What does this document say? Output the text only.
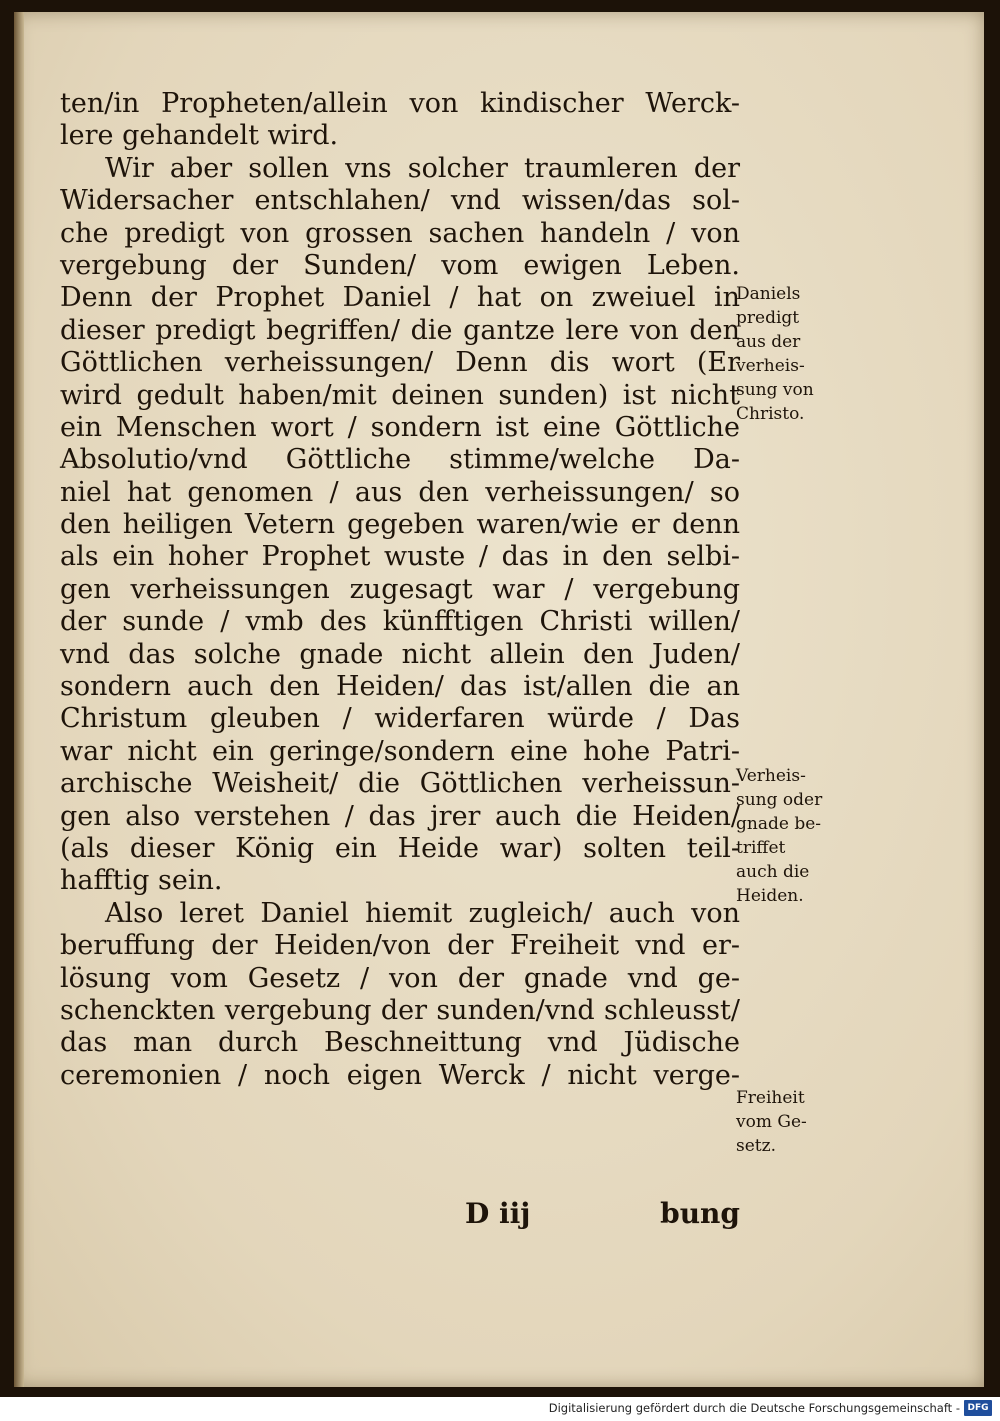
ten/in Propheten/allein von kindischer Werck-
lere gehandelt wird.
Wir aber sollen vns solcher traumleren der
Widersacher entschlahen/ vnd wissen/das sol-
che predigt von grossen sachen handeln / von
vergebung der Sunden/ vom ewigen Leben.
Denn der Prophet Daniel / hat on zweiuel in
dieser predigt begriffen/ die gantze lere von den
Göttlichen verheissungen/ Denn dis wort (Er
wird gedult haben/mit deinen sunden) ist nicht
ein Menschen wort / sondern ist eine Göttliche
Absolutio/vnd Göttliche stimme/welche Da-
niel hat genomen / aus den verheissungen/ so
den heiligen Vetern gegeben waren/wie er denn
als ein hoher Prophet wuste / das in den selbi-
gen verheissungen zugesagt war / vergebung
der sunde / vmb des künfftigen Christi willen/
vnd das solche gnade nicht allein den Juden/
sondern auch den Heiden/ das ist/allen die an
Christum gleuben / widerfaren würde / Das
war nicht ein geringe/sondern eine hohe Patri-
archische Weisheit/ die Göttlichen verheissun-
gen also verstehen / das jrer auch die Heiden/
(als dieser König ein Heide war) solten teil-
hafftig sein.
Also leret Daniel hiemit zugleich/ auch von
beruffung der Heiden/von der Freiheit vnd er-
lösung vom Gesetz / von der gnade vnd ge-
schenckten vergebung der sunden/vnd schleusst/
das man durch Beschneittung vnd Jüdische
ceremonien / noch eigen Werck / nicht verge-
D iij	bung
Daniels
predigt
aus der
verheis-
sung von
Christo.
Verheis-
sung oder
gnade be-
triffet
auch die
Heiden.
Freiheit
vom Ge-
setz.
Digitalisierung gefördert durch die Deutsche Forschungsgemeinschaft - DFG
